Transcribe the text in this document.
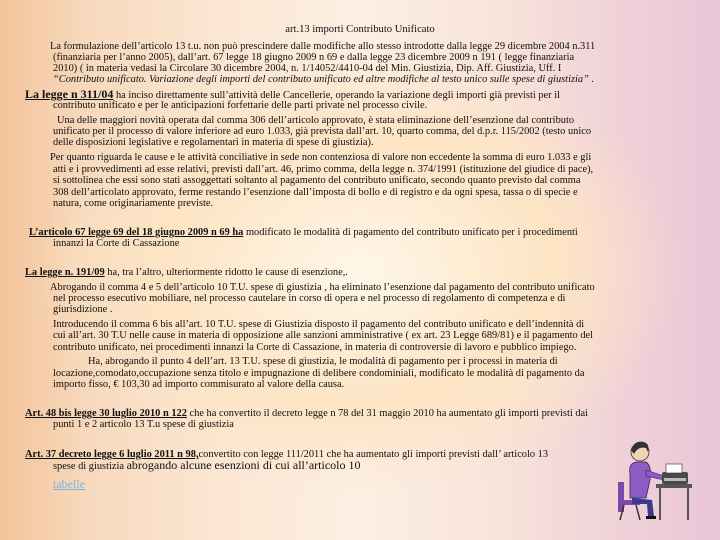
art.13 importi Contributo Unificato
La formulazione dell’articolo 13 t.u. non può prescindere dalle modifiche allo stesso introdotte dalla legge 29 dicembre 2004 n.311
(finanziaria per l’anno 2005), dall’art. 67 legge 18 giugno 2009 n 69 e dalla legge 23 dicembre 2009 n 191 ( legge finanziaria
2010) ( in materia vedasi la Circolare 30 dicembre 2004, n. 1/14052/4410-04 del Min. Giustizia, Dip. Aff. Giustizia, Uff. I
“Contributo unificato. Variazione degli importi del contributo unificato ed altre modifiche al testo unico sulle spese di giustizia” .
La legge n 311/04 ha inciso direttamente sull’attività delle Cancellerie, operando la variazione degli importi già previsti per il
contributo unificato e per le anticipazioni forfettarie delle parti private nel processo civile.
Una delle maggiori novità operata dal comma 306 dell’articolo approvato, è stata eliminazione dell’esenzione dal contributo
unificato per il processo di valore inferiore ad euro 1.033, già prevista dall’art. 10, quarto comma, del d.p.r. 115/2002 (testo unico
delle disposizioni legislative e regolamentari in materia di spese di giustizia).
Per quanto riguarda le cause e le attività conciliative in sede non contenziosa di valore non eccedente la somma di euro 1.033 e gli
atti e i provvedimenti ad esse relativi, previsti dall’art. 46, primo comma, della legge n. 374/1991 (istituzione del giudice di pace),
si sottolinea che essi sono stati assoggettati soltanto al pagamento del contributo unificato, secondo quanto previsto dal comma
308 dell’articolato approvato, ferme restando l’esenzione dall’imposta di bollo e di registro e da ogni spesa, tassa o di specie e
natura, come originariamente previste.
L’articolo 67 legge 69 del 18 giugno 2009 n 69 ha modificato le modalità di pagamento del contributo unificato per i procedimenti
innanzi la Corte di Cassazione
La legge n. 191/09 ha, tra l’altro, ulteriormente ridotto le cause di esenzione,.
Abrogando il comma 4 e 5 dell’articolo 10 T.U. spese di giustizia , ha eliminato l’esenzione dal pagamento del contributo unificato
nel processo esecutivo mobiliare, nel processo cautelare in corso di opera e nel processo di regolamento di competenza e di
giurisdizione .
Introducendo il comma 6 bis all’art. 10 T.U. spese di Giustizia disposto il pagamento del contributo unificato e dell’indennità di
cui all’art. 30 T.U nelle cause in materia di opposizione alle sanzioni amministrative ( ex art. 23 Legge 689/81) e il pagamento del
contributo unificato, nei procedimenti innanzi la Corte di Cassazione, in materia di controversie di lavoro e pubblico impiego.
Ha, abrogando il punto 4 dell’art. 13 T.U. spese di giustizia, le modalità di pagamento per i processi in materia di
locazione,comodato,occupazione senza titolo e impugnazione di delibere condominiali, modificato le modalità di pagamento da
importo fisso, € 103,30 ad importo commisurato al valore della causa.
Art. 48 bis legge 30 luglio 2010 n 122 che ha convertito il decreto legge n 78 del 31 maggio 2010 ha aumentato gli importi previsti dai
punti 1 e 2 articolo 13 T.u spese di giustizia
Art. 37 decreto legge 6 luglio 2011 n 98,convertito con legge 111/2011 che ha aumentato gli importi previsti dall’ articolo 13
spese di giustizia abrogando alcune esenzioni di cui all’articolo 10
tabelle
